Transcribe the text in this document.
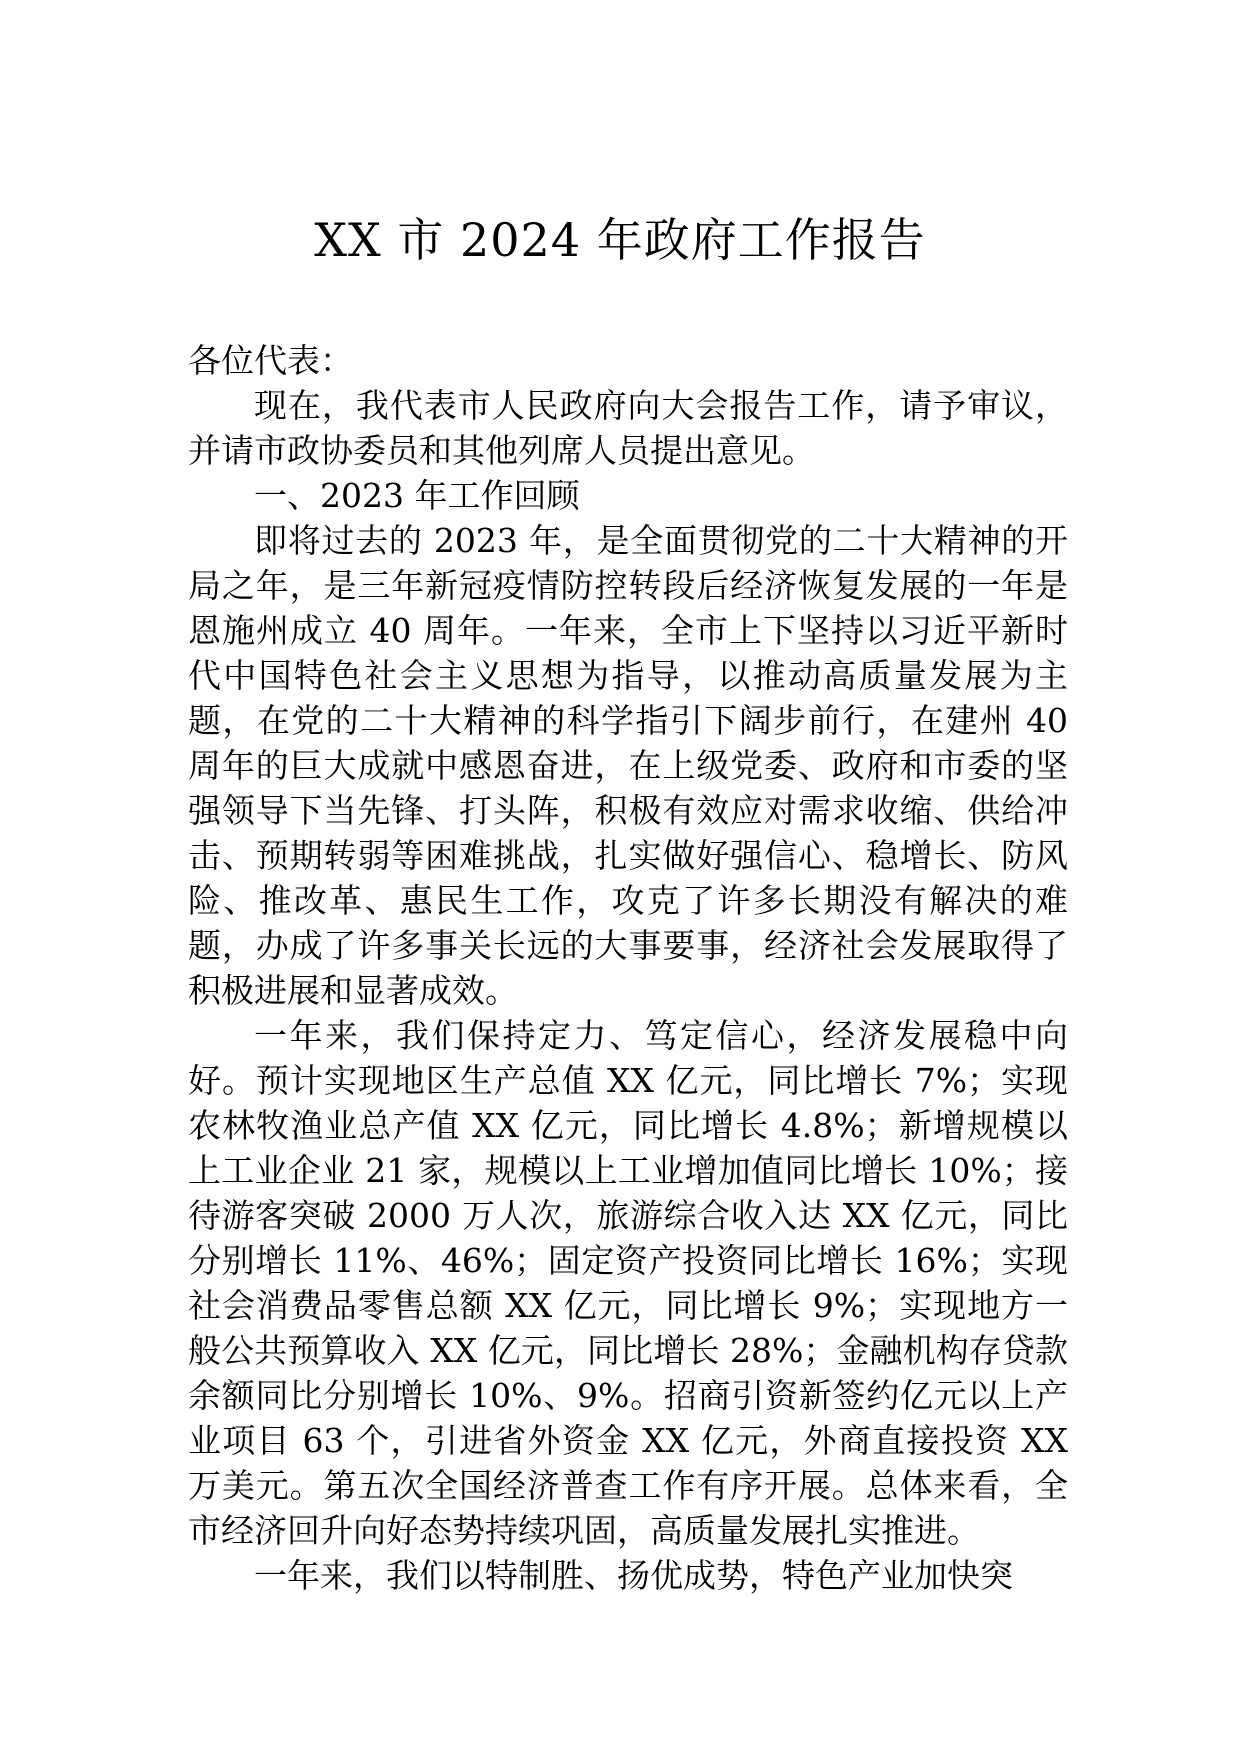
XX 市 2024 年政府工作报告

各位代表：

现在，我代表市人民政府向大会报告工作，请予审议，并请市政协委员和其他列席人员提出意见。

一、2023 年工作回顾

即将过去的 2023 年，是全面贯彻党的二十大精神的开局之年，是三年新冠疫情防控转段后经济恢复发展的一年是恩施州成立 40 周年。一年来，全市上下坚持以习近平新时代中国特色社会主义思想为指导，以推动高质量发展为主题，在党的二十大精神的科学指引下阔步前行，在建州 40 周年的巨大成就中感恩奋进，在上级党委、政府和市委的坚强领导下当先锋、打头阵，积极有效应对需求收缩、供给冲击、预期转弱等困难挑战，扎实做好强信心、稳增长、防风险、推改革、惠民生工作，攻克了许多长期没有解决的难题，办成了许多事关长远的大事要事，经济社会发展取得了积极进展和显著成效。

一年来，我们保持定力、笃定信心，经济发展稳中向好。预计实现地区生产总值 XX 亿元，同比增长 7%；实现农林牧渔业总产值 XX 亿元，同比增长 4.8%；新增规模以上工业企业 21 家，规模以上工业增加值同比增长 10%；接待游客突破 2000 万人次，旅游综合收入达 XX 亿元，同比分别增长 11%、46%；固定资产投资同比增长 16%；实现社会消费品零售总额 XX 亿元，同比增长 9%；实现地方一般公共预算收入 XX 亿元，同比增长 28%；金融机构存贷款余额同比分别增长 10%、9%。招商引资新签约亿元以上产业项目 63 个，引进省外资金 XX 亿元，外商直接投资 XX 万美元。第五次全国经济普查工作有序开展。总体来看，全市经济回升向好态势持续巩固，高质量发展扎实推进。

一年来，我们以特制胜、扬优成势，特色产业加快突
